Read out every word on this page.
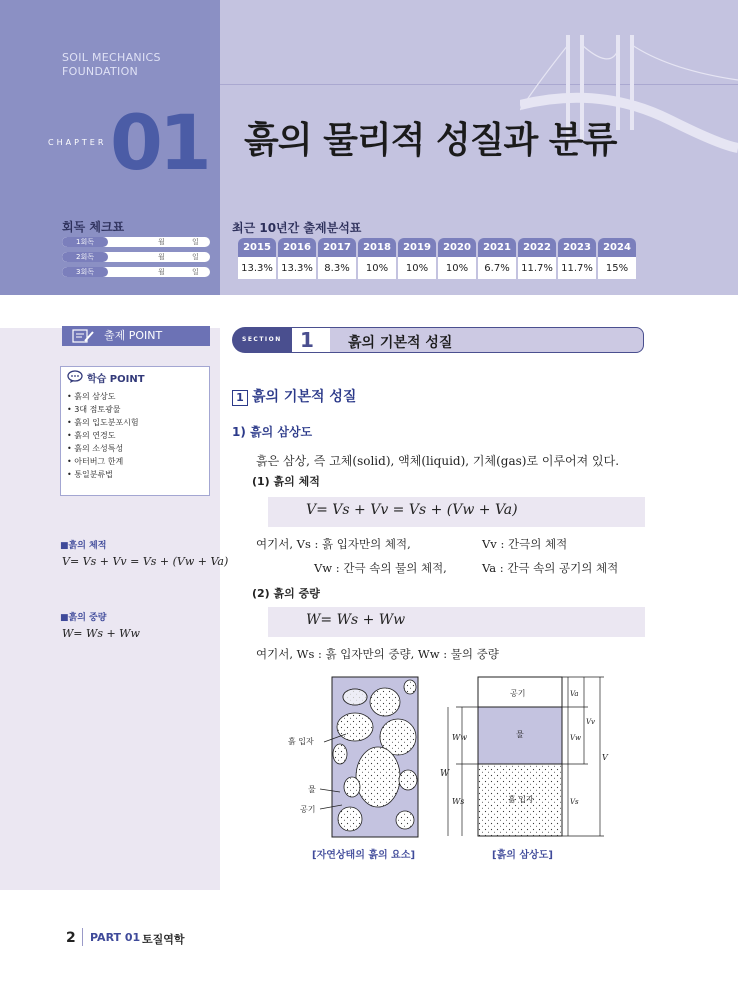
SOIL MECHANICS
FOUNDATION
CHAPTER 01 흙의 물리적 성질과 분류
회독 체크표
1회독	월	일
2회독	월	일
3회독	월	일
최근 10년간 출제분석표
2015	2016	2017	2018	2019	2020	2021	2022	2023	2024
13.3%	13.3%	8.3%	10%	10%	10%	6.7%	11.7%	11.7%	15%
출제 POINT
학습 POINT
• 흙의 삼상도
• 3대 점토광물
• 흙의 입도분포시험
• 흙의 연경도
• 흙의 소성특성
• 아터버그 한계
• 통일분류법
■흙의 체적
V= Vs + Vv = Vs + (Vw + Va)
■흙의 중량
W= Ws + Ww
SECTION 1 흙의 기본적 성질
1 흙의 기본적 성질
1) 흙의 삼상도
흙은 삼상, 즉 고체(solid), 액체(liquid), 기체(gas)로 이루어져 있다.
(1) 흙의 체적
V= Vs + Vv = Vs + (Vw + Va)
여기서, Vs : 흙 입자만의 체적,	Vv : 간극의 체적
Vw : 간극 속의 물의 체적,	Va : 간극 속의 공기의 체적
(2) 흙의 중량
W= Ws + Ww
여기서, Ws : 흙 입자만의 중량, Ww : 물의 중량
흙 입자
물
공기
공기
물
흙 입자
W
Ww
Ws
Va
Vw
Vv
V
Vs
[자연상태의 흙의 요소]	[흙의 삼상도]
2 PART 01 토질역학
